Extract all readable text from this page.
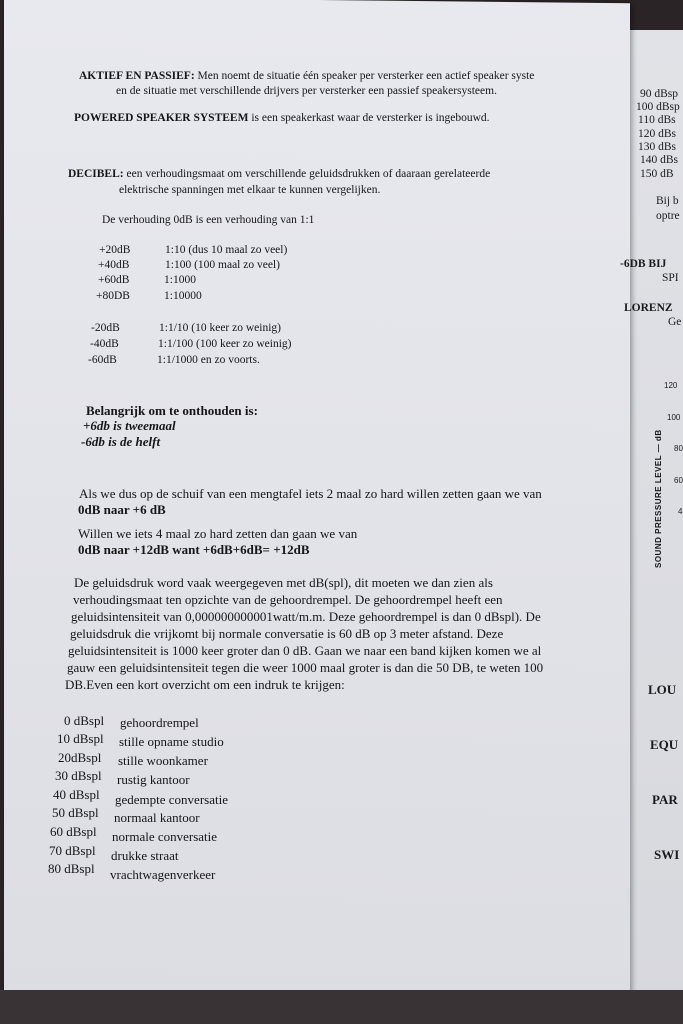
AKTIEF EN PASSIEF: Men noemt de situatie één speaker per versterker een actief speaker syste
en de situatie met verschillende drijvers per versterker een passief speakersysteem.
POWERED SPEAKER SYSTEEM is een speakerkast waar de versterker is ingebouwd.
DECIBEL: een verhoudingsmaat om verschillende geluidsdrukken of daaraan gerelateerde
elektrische spanningen met elkaar te kunnen vergelijken.
De verhouding 0dB is een verhouding van 1:1
+20dB	1:10 (dus 10 maal zo veel)
+40dB	1:100 (100 maal zo veel)
+60dB	1:1000
+80DB	1:10000
-20dB	1:1/10 (10 keer zo weinig)
-40dB	1:1/100 (100 keer zo weinig)
-60dB	1:1/1000 en zo voorts.
Belangrijk om te onthouden is:
+6db is tweemaal
-6db is de helft
Als we dus op de schuif van een mengtafel iets 2 maal zo hard willen zetten gaan we van
0dB naar +6 dB
Willen we iets 4 maal zo hard zetten dan gaan we van
0dB naar +12dB want +6dB+6dB= +12dB
De geluidsdruk word vaak weergegeven met dB(spl), dit moeten we dan zien als
verhoudingsmaat ten opzichte van de gehoordrempel. De gehoordrempel heeft een
geluidsintensiteit van 0,000000000001watt/m.m. Deze gehoordrempel is dan 0 dBspl). De
geluidsdruk die vrijkomt bij normale conversatie is 60 dB op 3 meter afstand. Deze
geluidsintensiteit is 1000 keer groter dan 0 dB. Gaan we naar een band kijken komen we al
gauw een geluidsintensiteit tegen die weer 1000 maal groter is dan die 50 DB, te weten 100
DB.Even een kort overzicht om een indruk te krijgen:
0 dBspl gehoordrempel
10 dBspl stille opname studio
20dBspl stille woonkamer
30 dBspl rustig kantoor
40 dBspl gedempte conversatie
50 dBspl normaal kantoor
60 dBspl normale conversatie
70 dBspl drukke straat
80 dBspl vrachtwagenverkeer
90 dBsp
100 dBsp
110 dBs
120 dBs
130 dBs
140 dBs
150 dB
Bij b
optre
-6DB BIJ
SPI
LORENZ
Ge
120
100
80
60
4
SOUND PRESSURE LEVEL — dB
LOU
EQU
PAR
SWI
